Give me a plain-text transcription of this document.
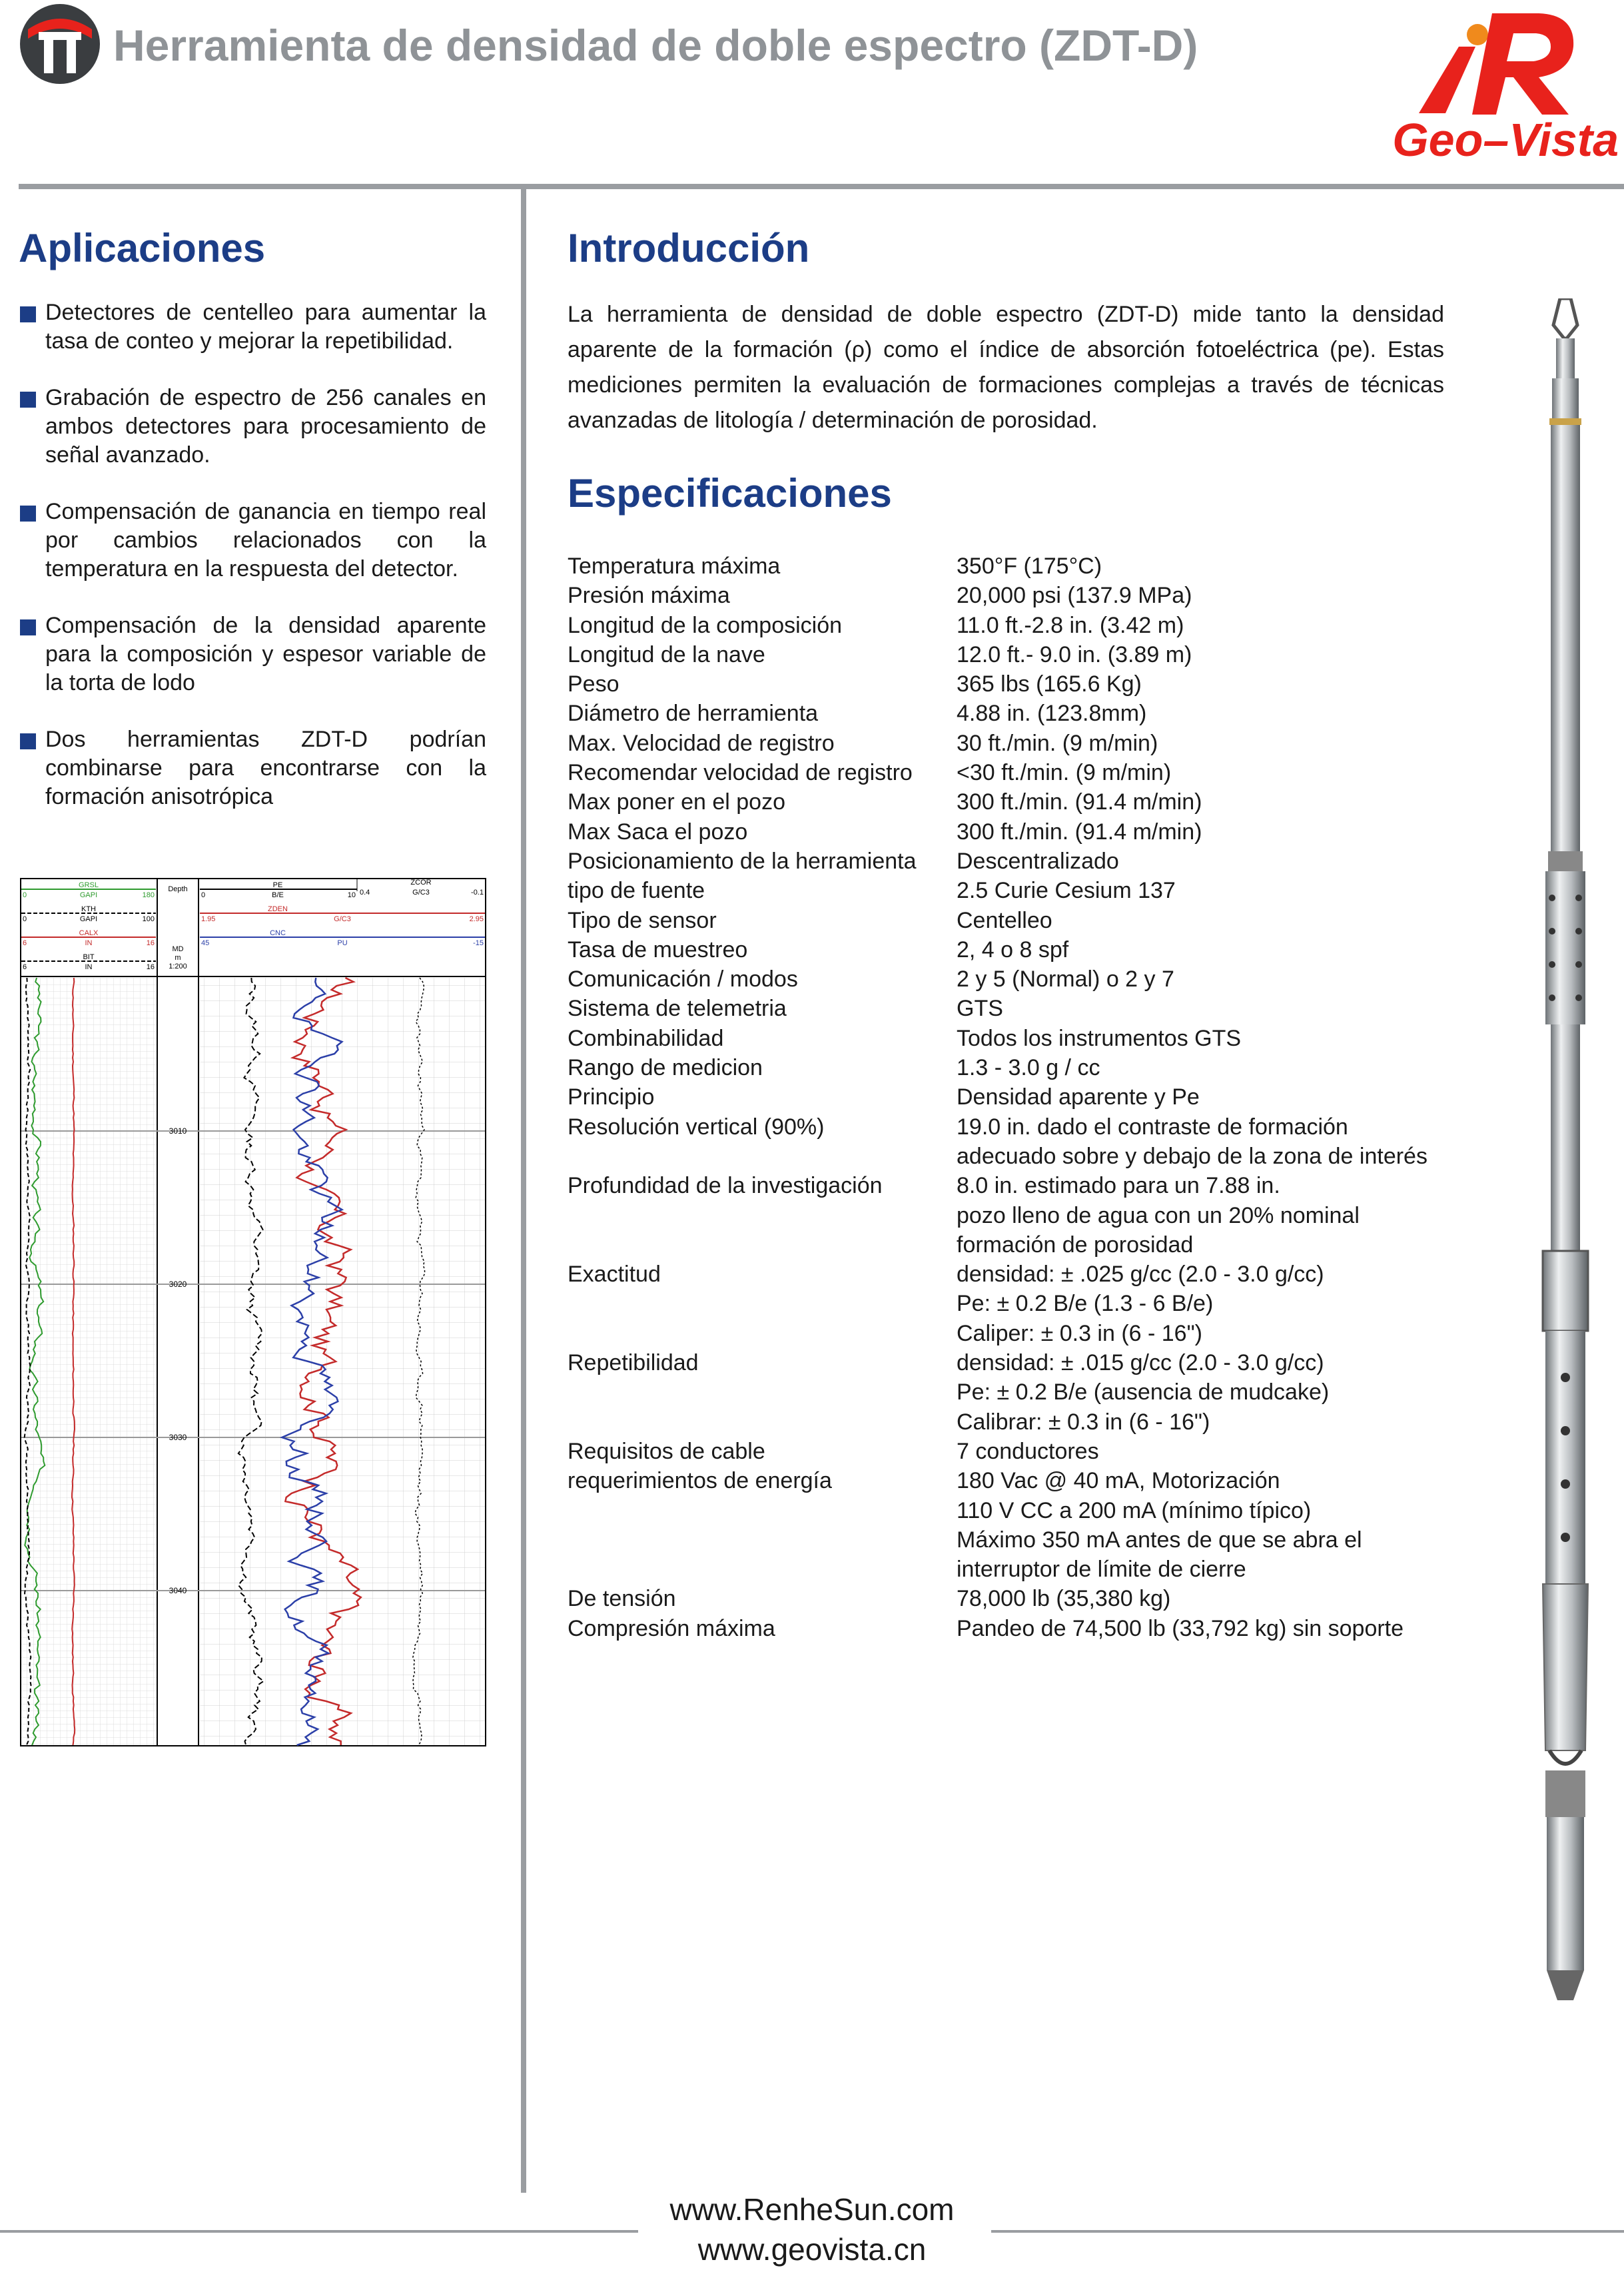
Herramienta de densidad de doble espectro (ZDT-D)
Geo–Vista
Aplicaciones
Detectores de centelleo para aumentar la tasa de conteo y mejorar la repetibilidad.
Grabación de espectro de 256 canales en ambos detectores para procesamiento de señal avanzado.
Compensación de ganancia en tiempo real por cambios relacionados con la temperatura en la respuesta del detector.
Compensación de la densidad aparente para la composición y espesor variable de la torta de lodo
Dos herramientas ZDT-D podrían combinarse para encontrarse con la formación anisotrópica
GRSL
0	GAPI	180
KTH
0	GAPI	100
CALX
6	IN	16
BIT
6	IN	16
Depth
MD
m
1:200
PE
0	B/E	10
ZDEN
1.95	G/C3	2.95
CNC
45	PU	-15
ZCOR
0.4	G/C3	-0.1
3010
3020
3030
3040
Introducción

La herramienta de densidad de doble espectro (ZDT-D) mide tanto la densidad aparente de la formación (ρ) como el índice de absorción fotoeléctrica (pe). Estas mediciones permiten la evaluación de formaciones complejas a través de técnicas avanzadas de litología / determinación de porosidad.

Especificaciones
Temperatura máxima	350°F (175°C)
Presión máxima	20,000 psi (137.9 MPa)
Longitud de la composición	11.0 ft.-2.8 in. (3.42 m)
Longitud de la nave	12.0 ft.- 9.0 in. (3.89 m)
Peso	365 lbs (165.6 Kg)
Diámetro de herramienta	4.88 in. (123.8mm)
Max. Velocidad de registro	30 ft./min. (9 m/min)
Recomendar velocidad de registro	<30 ft./min. (9 m/min)
Max poner en el pozo	300 ft./min. (91.4 m/min)
Max Saca el pozo	300 ft./min. (91.4 m/min)
Posicionamiento de la herramienta	Descentralizado
tipo de fuente	2.5 Curie Cesium 137
Tipo de sensor	Centelleo
Tasa de muestreo	2, 4 o 8 spf
Comunicación / modos	2 y 5 (Normal) o 2 y 7
Sistema de telemetria	GTS
Combinabilidad	Todos los instrumentos GTS
Rango de medicion	1.3 - 3.0 g / cc
Principio	Densidad aparente y Pe
Resolución vertical (90%)	19.0 in. dado el contraste de formación
	adecuado sobre y debajo de la zona de interés
Profundidad de la investigación	8.0 in. estimado para un 7.88 in.
	pozo lleno de agua con un 20% nominal
	formación de porosidad
Exactitud	densidad: ± .025 g/cc (2.0 - 3.0 g/cc)
	Pe: ± 0.2 B/e (1.3 - 6 B/e)
	Caliper: ± 0.3 in (6 - 16")
Repetibilidad	densidad: ± .015 g/cc (2.0 - 3.0 g/cc)
	Pe: ± 0.2 B/e (ausencia de mudcake)
	Calibrar: ± 0.3 in (6 - 16")
Requisitos de cable	7 conductores
requerimientos de energía	180 Vac @ 40 mA, Motorización
	110 V CC a 200 mA (mínimo típico)
	Máximo 350 mA antes de que se abra el
	interruptor de límite de cierre
De tensión	78,000 lb (35,380 kg)
Compresión máxima	Pandeo de 74,500 lb (33,792 kg) sin soporte
www.RenheSun.com
www.geovista.cn
